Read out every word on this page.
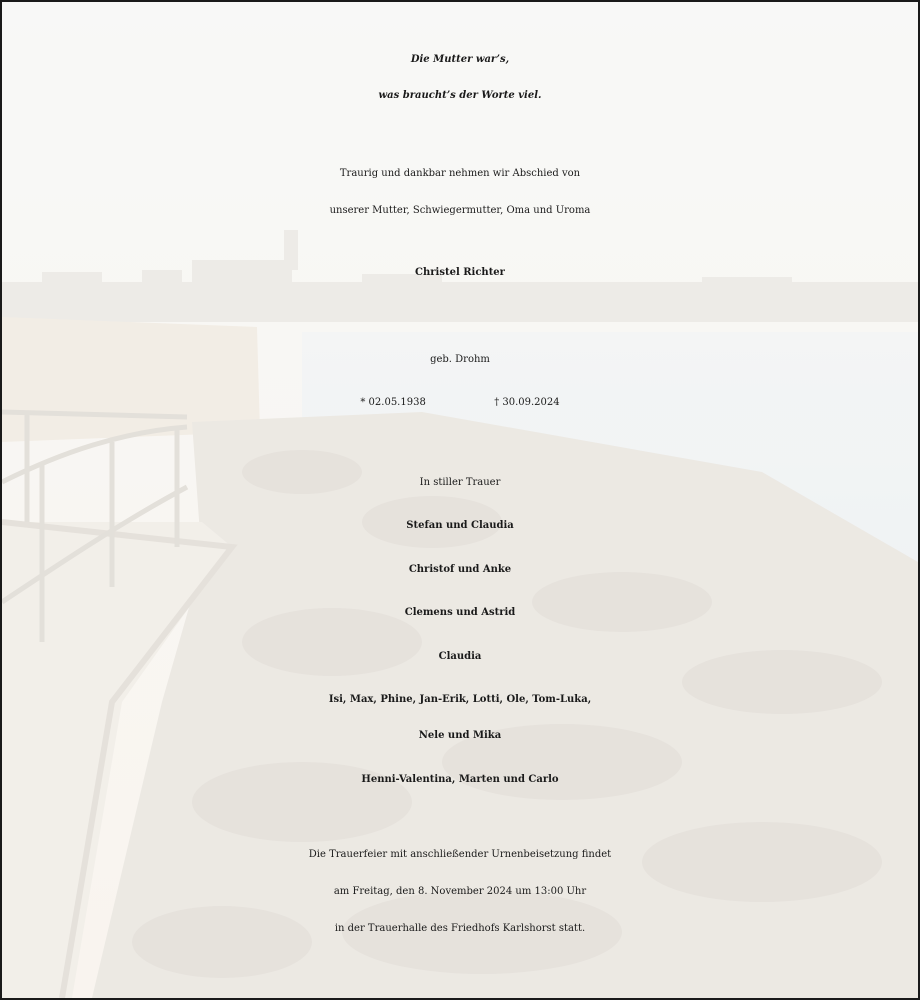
Die Mutter war’s,
was braucht’s der Worte viel.
Traurig und dankbar nehmen wir Abschied von
unserer Mutter, Schwiegermutter, Oma und Uroma
Christel Richter
geb. Drohm
* 02.05.1938	† 30.09.2024
In stiller Trauer
Stefan und Claudia
Christof und Anke
Clemens und Astrid
Claudia
Isi, Max, Phine, Jan-Erik, Lotti, Ole, Tom-Luka,
Nele und Mika
Henni-Valentina, Marten und Carlo
Die Trauerfeier mit anschließender Urnenbeisetzung findet
am Freitag, den 8. November 2024 um 13:00 Uhr
in der Trauerhalle des Friedhofs Karlshorst statt.
